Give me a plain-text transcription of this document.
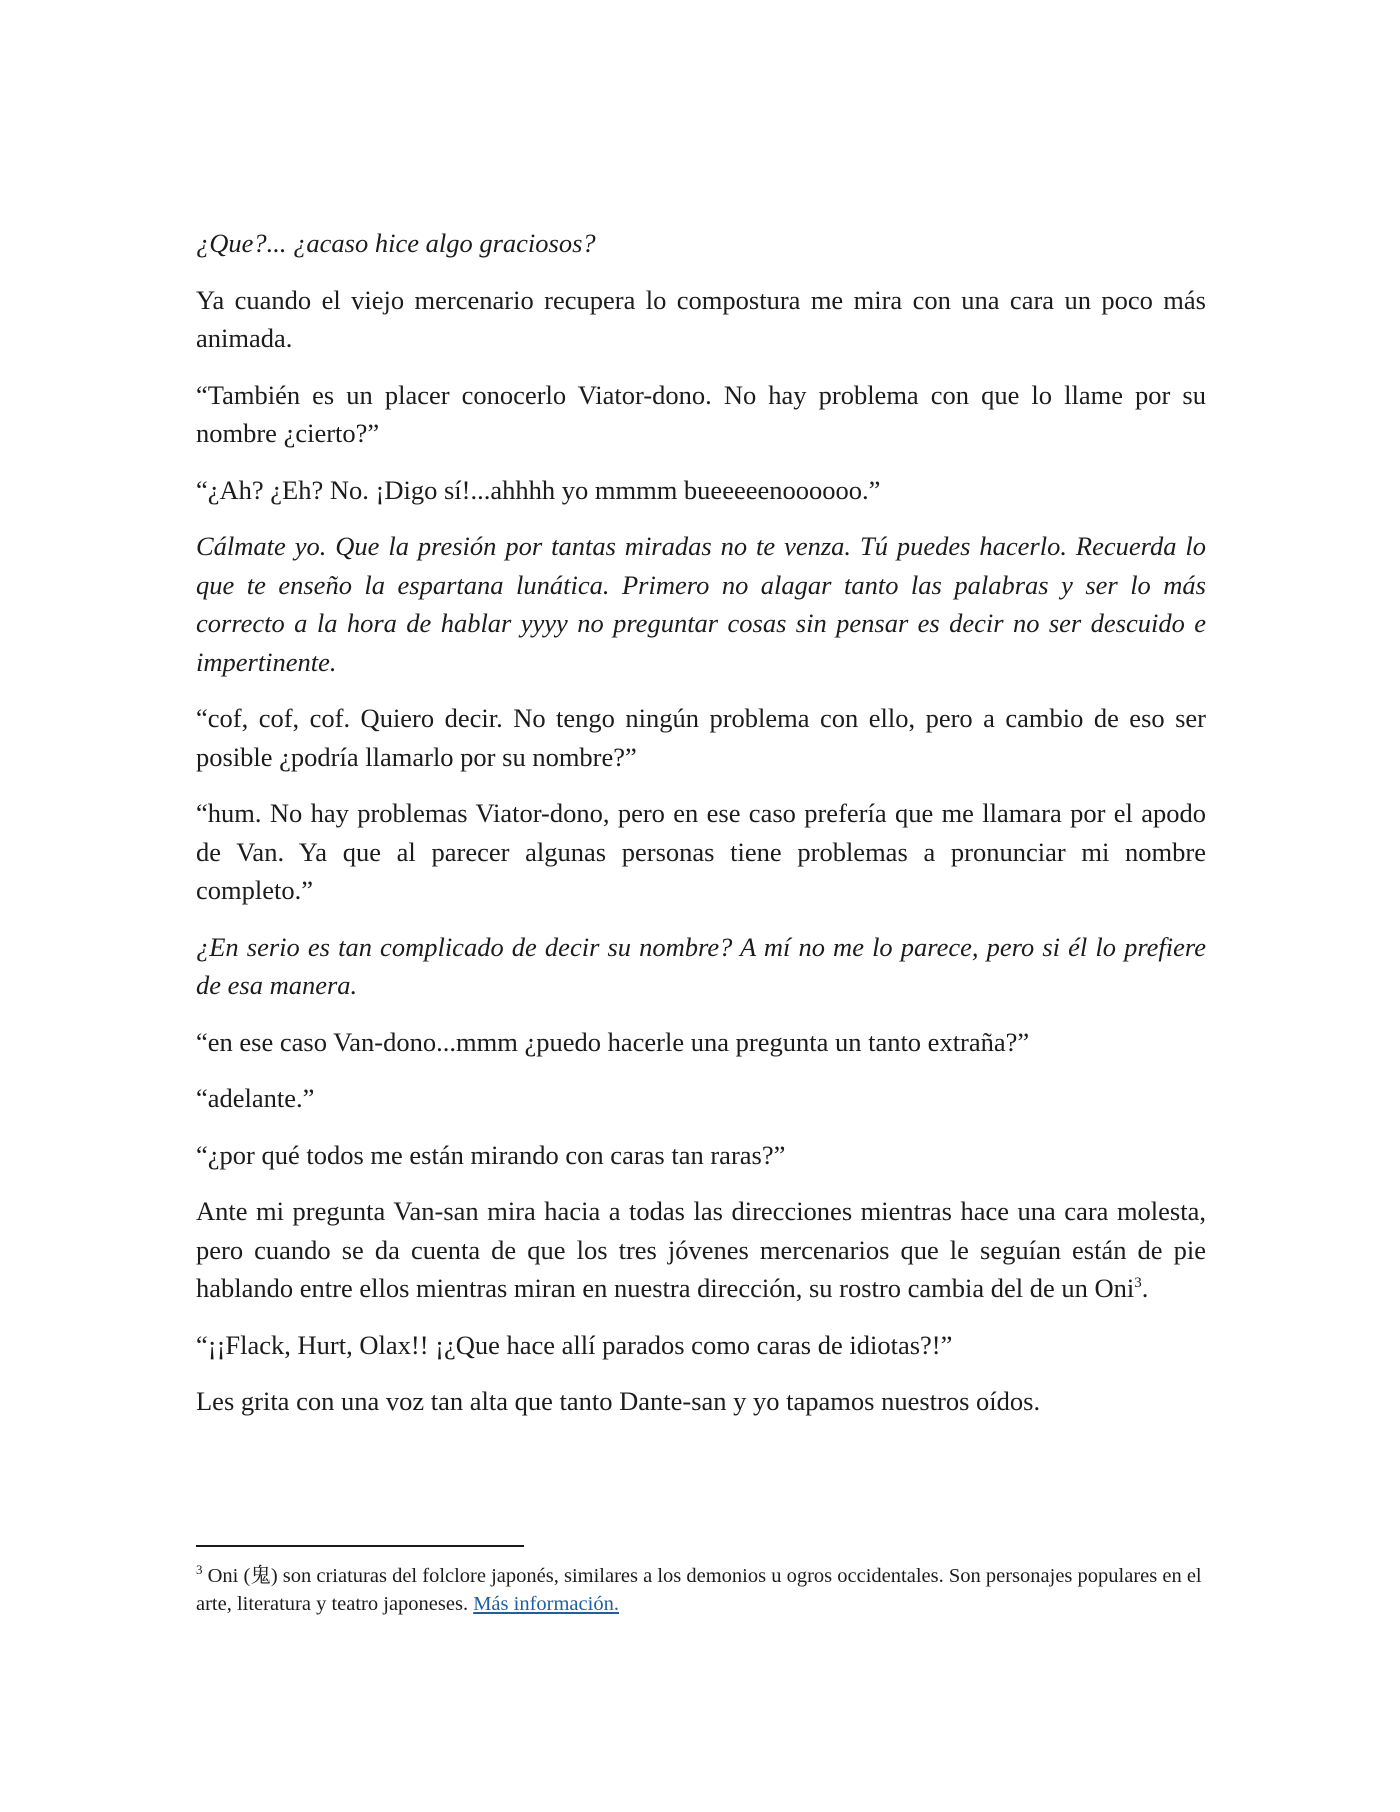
¿Que?... ¿acaso hice algo graciosos?

Ya cuando el viejo mercenario recupera lo compostura me mira con una cara un poco más animada.

“También es un placer conocerlo Viator-dono. No hay problema con que lo llame por su nombre ¿cierto?”

“¿Ah? ¿Eh? No. ¡Digo sí!...ahhhh yo mmmm bueeeeenoooooo.”

Cálmate yo. Que la presión por tantas miradas no te venza. Tú puedes hacerlo. Recuerda lo que te enseño la espartana lunática. Primero no alagar tanto las palabras y ser lo más correcto a la hora de hablar yyyy no preguntar cosas sin pensar es decir no ser descuido e impertinente.

“cof, cof, cof. Quiero decir. No tengo ningún problema con ello, pero a cambio de eso ser posible ¿podría llamarlo por su nombre?”

“hum. No hay problemas Viator-dono, pero en ese caso prefería que me llamara por el apodo de Van. Ya que al parecer algunas personas tiene problemas a pronunciar mi nombre completo.”

¿En serio es tan complicado de decir su nombre? A mí no me lo parece, pero si él lo prefiere de esa manera.

“en ese caso Van-dono...mmm ¿puedo hacerle una pregunta un tanto extraña?”

“adelante.”

“¿por qué todos me están mirando con caras tan raras?”

Ante mi pregunta Van-san mira hacia a todas las direcciones mientras hace una cara molesta, pero cuando se da cuenta de que los tres jóvenes mercenarios que le seguían están de pie hablando entre ellos mientras miran en nuestra dirección, su rostro cambia del de un Oni$^3$.

“¡¡Flack, Hurt, Olax!! ¡¿Que hace allí parados como caras de idiotas?!”

Les grita con una voz tan alta que tanto Dante-san y yo tapamos nuestros oídos.

$^3$ Oni (鬼) son criaturas del folclore japonés, similares a los demonios u ogros occidentales. Son personajes populares en el arte, literatura y teatro japoneses. Más información.
